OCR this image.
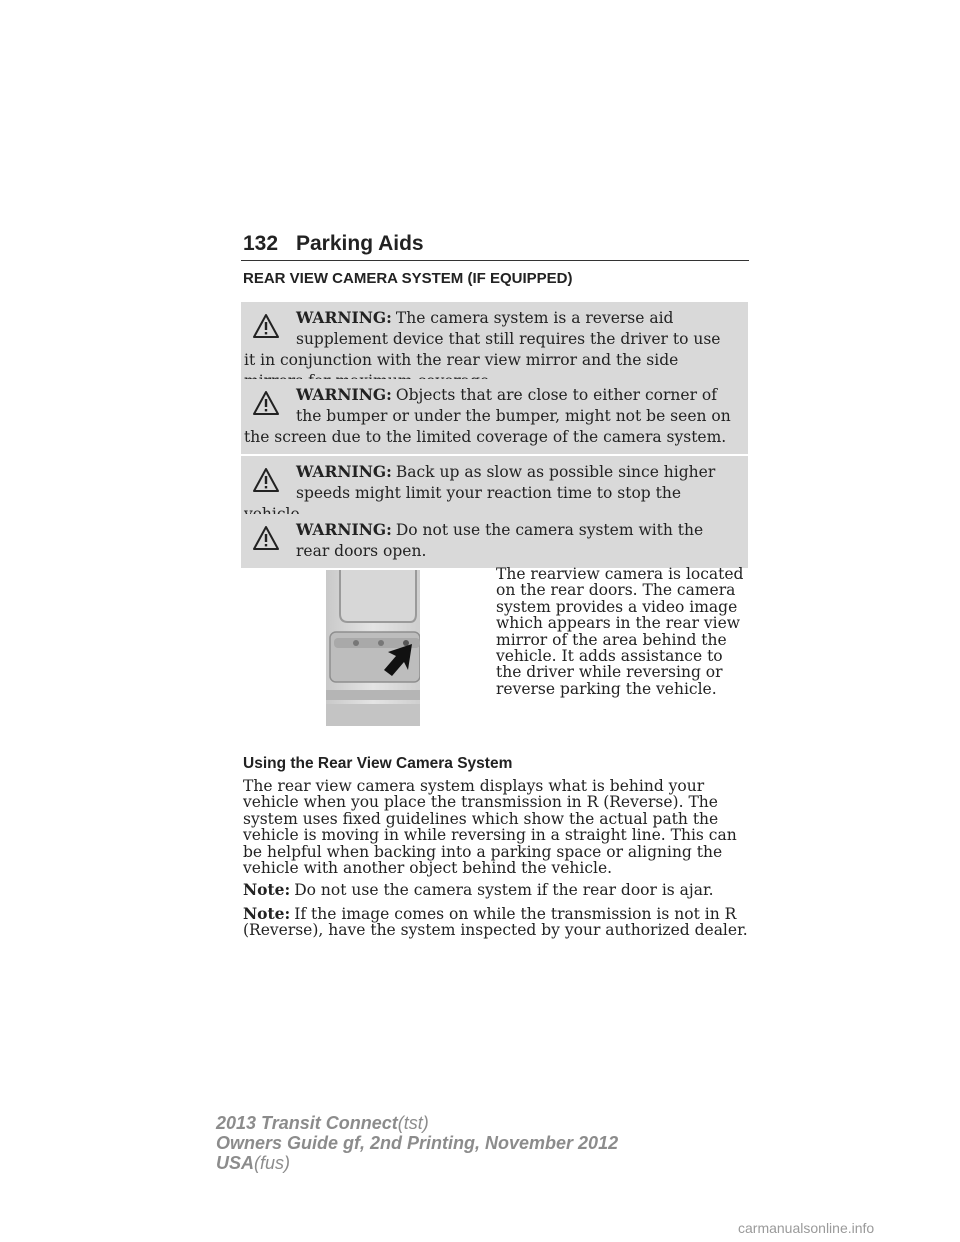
132 Parking Aids
REAR VIEW CAMERA SYSTEM (IF EQUIPPED)
WARNING: The camera system is a reverse aid supplement device that still requires the driver to use it in conjunction with the rear view mirror and the side
WARNING: Objects that are close to either corner of the bumper or under the bumper, might not be seen on the screen due to the limited coverage of the camera system.
WARNING: Back up as slow as possible since higher speeds might limit your reaction time to stop the
WARNING: Do not use the camera system with the rear doors open.
The rearview camera is located on the rear doors. The camera system provides a video image which appears in the rear view mirror of the area behind the vehicle. It adds assistance to the driver while reversing or reverse parking the vehicle.
Using the Rear View Camera System
The rear view camera system displays what is behind your vehicle when you place the transmission in R (Reverse). The system uses fixed guidelines which show the actual path the vehicle is moving in while reversing in a straight line. This can be helpful when backing into a parking space or aligning the vehicle with another object behind the vehicle.
Note: Do not use the camera system if the rear door is ajar.
Note: If the image comes on while the transmission is not in R (Reverse), have the system inspected by your authorized dealer.
2013 Transit Connect(tst)
Owners Guide gf, 2nd Printing, November 2012
USA(fus)
carmanualsonline.info
